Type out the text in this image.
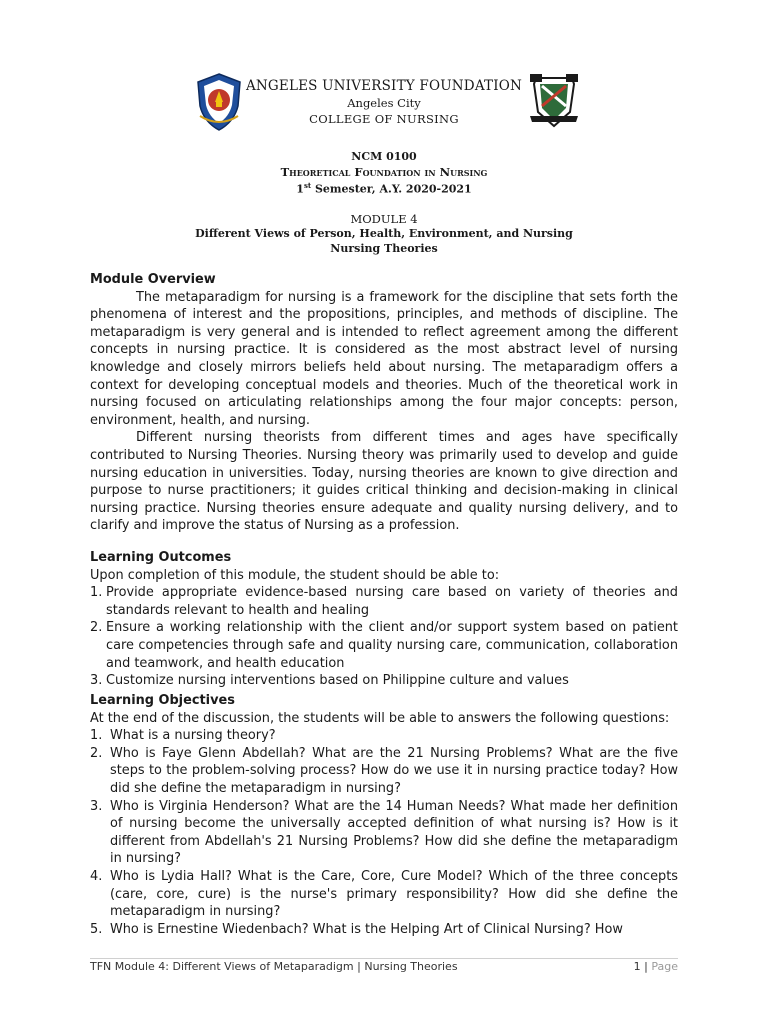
ANGELES UNIVERSITY FOUNDATION
Angeles City
COLLEGE OF NURSING
NCM 0100
Theoretical Foundation in Nursing
1st Semester, A.Y. 2020-2021
MODULE 4
Different Views of Person, Health, Environment, and Nursing
Nursing Theories
Module Overview

The metaparadigm for nursing is a framework for the discipline that sets forth the phenomena of interest and the propositions, principles, and methods of discipline. The metaparadigm is very general and is intended to reflect agreement among the different concepts in nursing practice. It is considered as the most abstract level of nursing knowledge and closely mirrors beliefs held about nursing. The metaparadigm offers a context for developing conceptual models and theories. Much of the theoretical work in nursing focused on articulating relationships among the four major concepts: person, environment, health, and nursing.

Different nursing theorists from different times and ages have specifically contributed to Nursing Theories. Nursing theory was primarily used to develop and guide nursing education in universities. Today, nursing theories are known to give direction and purpose to nurse practitioners; it guides critical thinking and decision-making in clinical nursing practice. Nursing theories ensure adequate and quality nursing delivery, and to clarify and improve the status of Nursing as a profession.

Learning Outcomes
Upon completion of this module, the student should be able to:
1. Provide appropriate evidence-based nursing care based on variety of theories and standards relevant to health and healing
2. Ensure a working relationship with the client and/or support system based on patient care competencies through safe and quality nursing care, communication, collaboration and teamwork, and health education
3. Customize nursing interventions based on Philippine culture and values
Learning Objectives
At the end of the discussion, the students will be able to answers the following questions:
1. What is a nursing theory?
2. Who is Faye Glenn Abdellah? What are the 21 Nursing Problems? What are the five steps to the problem-solving process? How do we use it in nursing practice today? How did she define the metaparadigm in nursing?
3. Who is Virginia Henderson? What are the 14 Human Needs? What made her definition of nursing become the universally accepted definition of what nursing is? How is it different from Abdellah's 21 Nursing Problems? How did she define the metaparadigm in nursing?
4. Who is Lydia Hall? What is the Care, Core, Cure Model? Which of the three concepts (care, core, cure) is the nurse's primary responsibility? How did she define the metaparadigm in nursing?
5. Who is Ernestine Wiedenbach? What is the Helping Art of Clinical Nursing? How
TFN Module 4: Different Views of Metaparadigm | Nursing Theories	1 | Page
